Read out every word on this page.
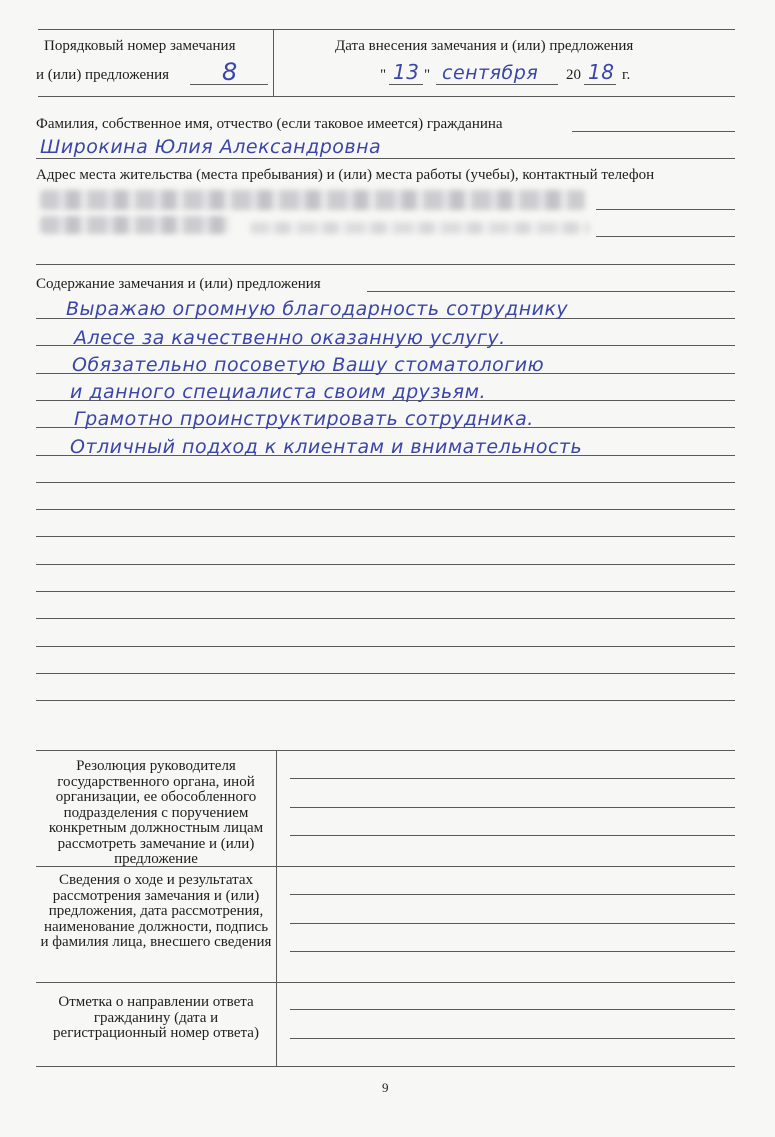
Порядковый номер замечания
и (или) предложения 8
Дата внесения замечания и (или) предложения
" 13 " сентября 20 18 г.
Фамилия, собственное имя, отчество (если таковое имеется) гражданина
Широкина Юлия Александровна
Адрес места жительства (места пребывания) и (или) места работы (учебы), контактный телефон
Содержание замечания и (или) предложения
Выражаю огромную благодарность сотруднику
Алесе за качественно оказанную услугу.
Обязательно посоветую Вашу стоматологию
и данного специалиста своим друзьям.
Грамотно проинструктировать сотрудника.
Отличный подход к клиентам и внимательность
Резолюция руководителя государственного органа, иной организации, ее обособленного подразделения с поручением конкретным должностным лицам рассмотреть замечание и (или) предложение
Сведения о ходе и результатах рассмотрения замечания и (или) предложения, дата рассмотрения, наименование должности, подпись и фамилия лица, внесшего сведения
Отметка о направлении ответа гражданину (дата и регистрационный номер ответа)
9
